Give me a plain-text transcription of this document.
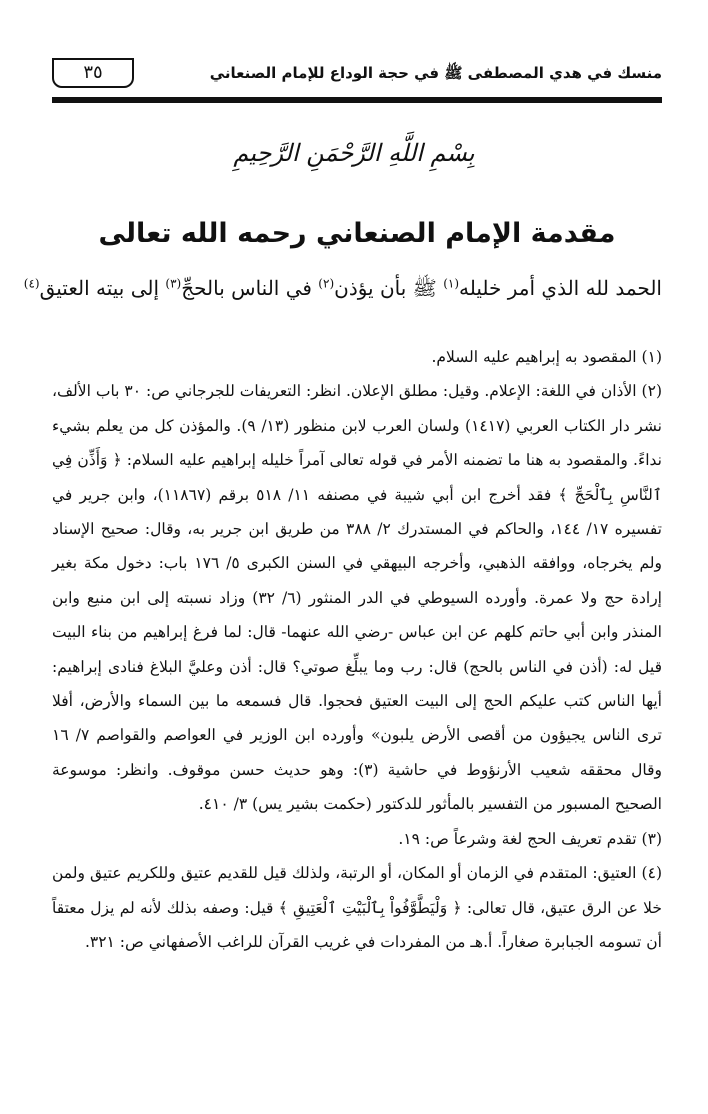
٣٥	منسك في هدي المصطفى ﷺ في حجة الوداع للإمام الصنعاني
بِسْمِ اللَّهِ الرَّحْمَنِ الرَّحِيمِ
مقدمة الإمام الصنعاني رحمه الله تعالى
الحمد لله الذي أمر خليله$^{(١)}$ ﷺ بأن يؤذن$^{(٢)}$ في الناس بالحجِّ$^{(٣)}$ إلى بيته العتيق$^{(٤)}$
(١) المقصود به إبراهيم عليه السلام.
(٢) الأذان في اللغة: الإعلام. وقيل: مطلق الإعلان. انظر: التعريفات للجرجاني ص: ٣٠ باب الألف، نشر دار الكتاب العربي (١٤١٧) ولسان العرب لابن منظور (١٣/ ٩). والمؤذن كل من يعلم بشيء نداءً. والمقصود به هنا ما تضمنه الأمر في قوله تعالى آمراً خليله إبراهيم عليه السلام: ﴿ وَأَذِّن فِي ٱلنَّاسِ بِٱلْحَجِّ ﴾ فقد أخرج ابن أبي شيبة في مصنفه ١١/ ٥١٨ برقم (١١٨٦٧)، وابن جرير في تفسيره ١٧/ ١٤٤، والحاكم في المستدرك ٢/ ٣٨٨ من طريق ابن جرير به، وقال: صحيح الإسناد ولم يخرجاه، ووافقه الذهبي، وأخرجه البيهقي في السنن الكبرى ٥/ ١٧٦ باب: دخول مكة بغير إرادة حج ولا عمرة. وأورده السيوطي في الدر المنثور (٦/ ٣٢) وزاد نسبته إلى ابن منيع وابن المنذر وابن أبي حاتم كلهم عن ابن عباس -رضي الله عنهما- قال: لما فرغ إبراهيم من بناء البيت قيل له: (أذن في الناس بالحج) قال: رب وما يبلِّغ صوتي؟ قال: أذن وعليَّ البلاغ فنادى إبراهيم: أيها الناس كتب عليكم الحج إلى البيت العتيق فحجوا. قال فسمعه ما بين السماء والأرض، أفلا ترى الناس يجيؤون من أقصى الأرض يلبون» وأورده ابن الوزير في العواصم والقواصم ٧/ ١٦ وقال محققه شعيب الأرنؤوط في حاشية (٣): وهو حديث حسن موقوف. وانظر: موسوعة الصحيح المسبور من التفسير بالمأثور للدكتور (حكمت بشير يس) ٣/ ٤١٠.
(٣) تقدم تعريف الحج لغة وشرعاً ص: ١٩.
(٤) العتيق: المتقدم في الزمان أو المكان، أو الرتبة، ولذلك قيل للقديم عتيق وللكريم عتيق ولمن خلا عن الرق عتيق، قال تعالى: ﴿ وَلْيَطَّوَّفُواْ بِٱلْبَيْتِ ٱلْعَتِيقِ ﴾ قيل: وصفه بذلك لأنه لم يزل معتقاً أن تسومه الجبابرة صغاراً. أ.هـ من المفردات في غريب القرآن للراغب الأصفهاني ص: ٣٢١.
